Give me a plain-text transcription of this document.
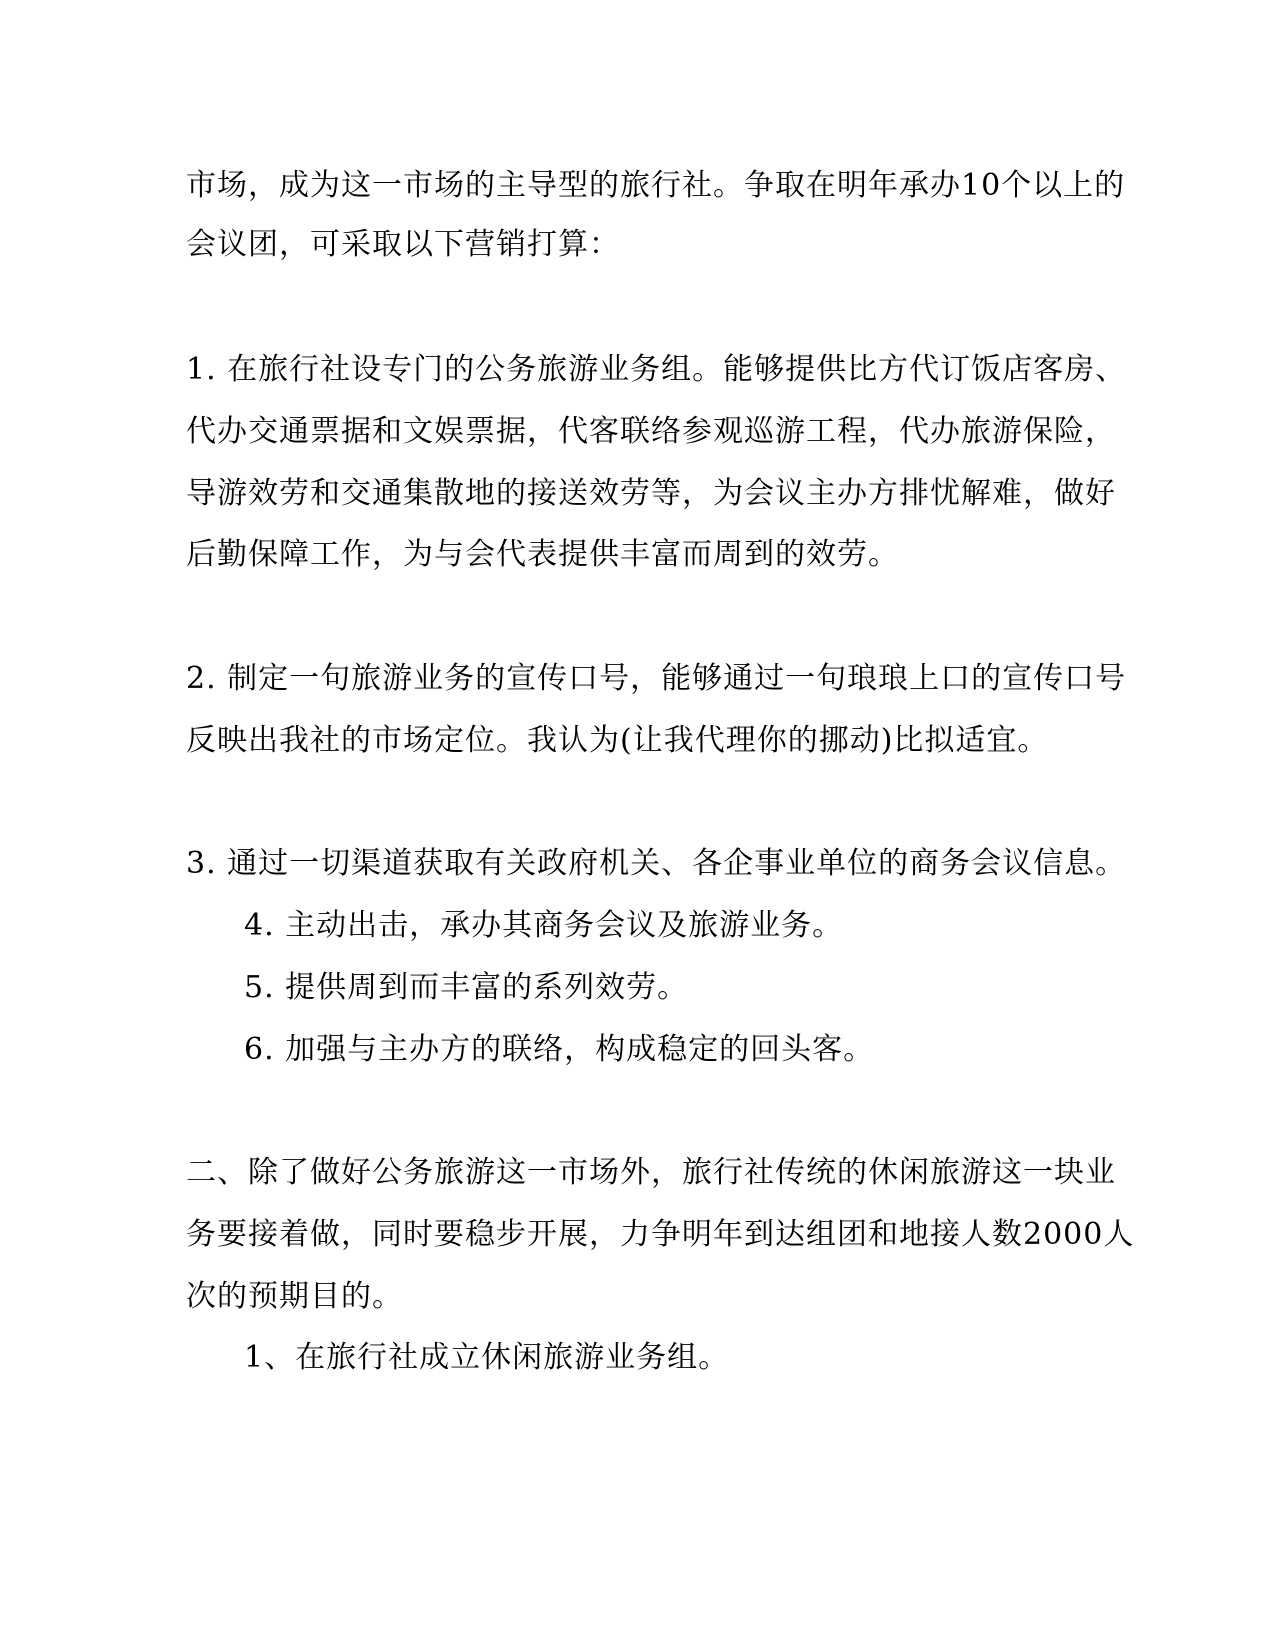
市场，成为这一市场的主导型的旅行社。争取在明年承办10个以上的
会议团，可采取以下营销打算：
1. 在旅行社设专门的公务旅游业务组。能够提供比方代订饭店客房、
代办交通票据和文娱票据，代客联络参观巡游工程，代办旅游保险，
导游效劳和交通集散地的接送效劳等，为会议主办方排忧解难，做好
后勤保障工作，为与会代表提供丰富而周到的效劳。
2. 制定一句旅游业务的宣传口号，能够通过一句琅琅上口的宣传口号
反映出我社的市场定位。我认为(让我代理你的挪动)比拟适宜。
3. 通过一切渠道获取有关政府机关、各企事业单位的商务会议信息。
4. 主动出击，承办其商务会议及旅游业务。
5. 提供周到而丰富的系列效劳。
6. 加强与主办方的联络，构成稳定的回头客。
二、除了做好公务旅游这一市场外，旅行社传统的休闲旅游这一块业
务要接着做，同时要稳步开展，力争明年到达组团和地接人数2000人
次的预期目的。
1、在旅行社成立休闲旅游业务组。
